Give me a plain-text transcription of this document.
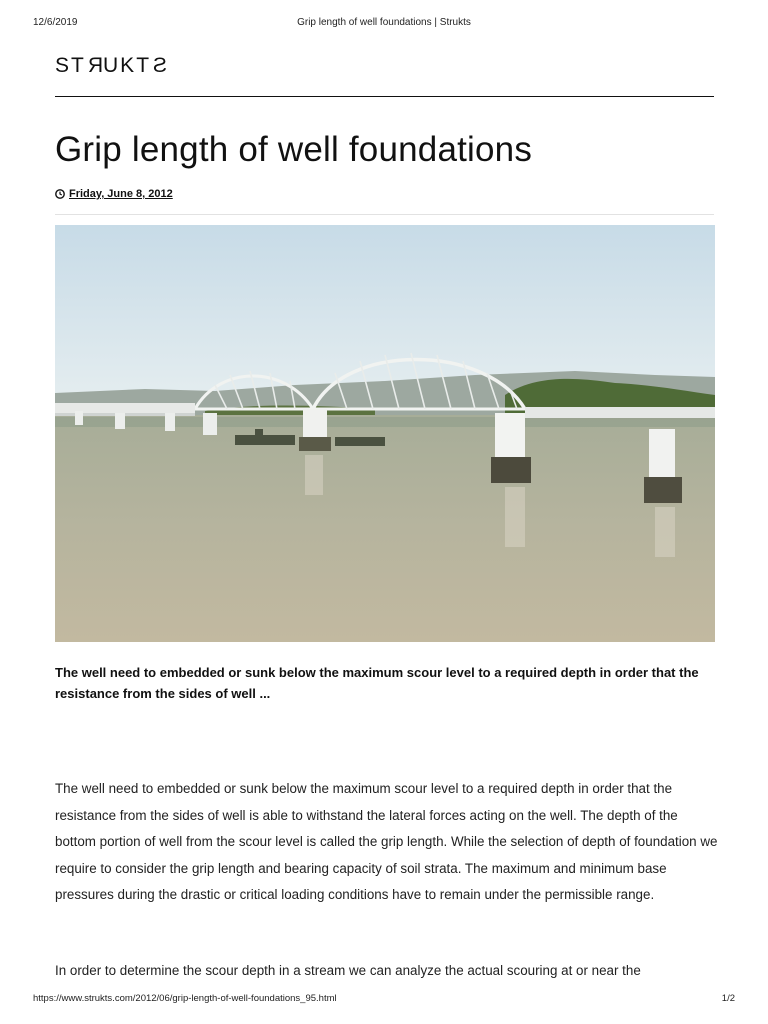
12/6/2019	Grip length of well foundations | Strukts
STRUKTS
Grip length of well foundations
Friday, June 8, 2012

The well need to embedded or sunk below the maximum scour level to a required depth in order that the resistance from the sides of well ...

The well need to embedded or sunk below the maximum scour level to a required depth in order that the resistance from the sides of well is able to withstand the lateral forces acting on the well. The depth of the bottom portion of well from the scour level is called the grip length. While the selection of depth of foundation we require to consider the grip length and bearing capacity of soil strata. The maximum and minimum base pressures during the drastic or critical loading conditions have to remain under the permissible range.

In order to determine the scour depth in a stream we can analyze the actual scouring at or near the

https://www.strukts.com/2012/06/grip-length-of-well-foundations_95.html	1/2
